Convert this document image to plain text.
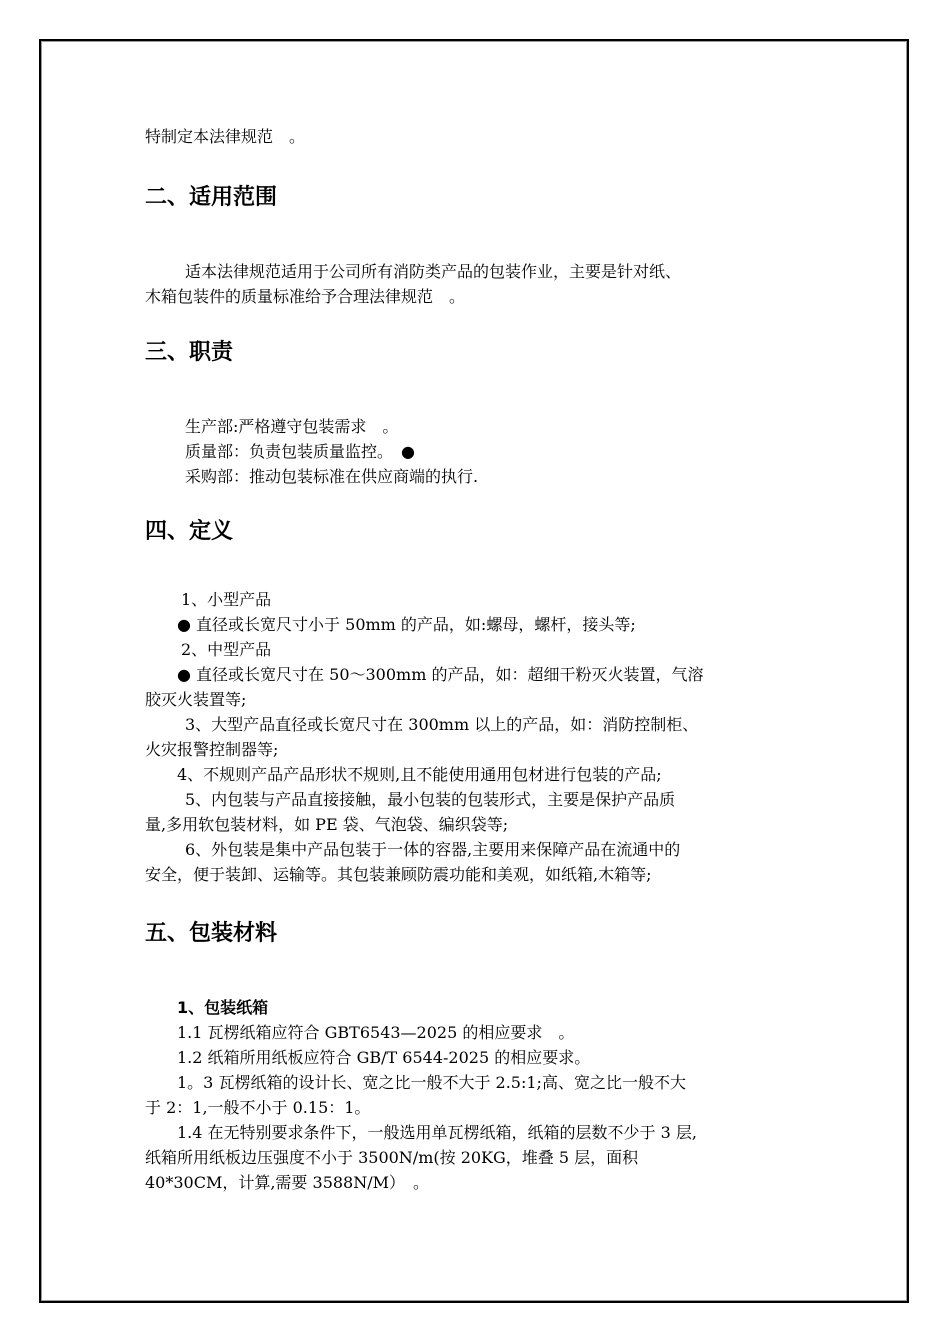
特制定本法律规范　。
二、适用范围
适本法律规范适用于公司所有消防类产品的包装作业，主要是针对纸、
木箱包装件的质量标准给予合理法律规范　。
三、职责
生产部:严格遵守包装需求　。
质量部：负责包装质量监控。　●
采购部：推动包装标准在供应商端的执行.
四、定义
1、小型产品
● 直径或长宽尺寸小于 50mm 的产品，如:螺母，螺杆，接头等;
2、中型产品
● 直径或长宽尺寸在 50～300mm 的产品，如：超细干粉灭火装置，气溶
胶灭火装置等;
3、大型产品直径或长宽尺寸在 300mm 以上的产品，如：消防控制柜、
火灾报警控制器等;
4、不规则产品产品形状不规则,且不能使用通用包材进行包装的产品;
5、内包装与产品直接接触，最小包装的包装形式，主要是保护产品质
量,多用软包装材料，如 PE 袋、气泡袋、编织袋等;
6、外包装是集中产品包装于一体的容器,主要用来保障产品在流通中的
安全，便于装卸、运输等。其包装兼顾防震功能和美观，如纸箱,木箱等;
五、包装材料
1、包装纸箱
1.1 瓦楞纸箱应符合 GBT6543—2025 的相应要求　。
1.2 纸箱所用纸板应符合 GB/T 6544-2025 的相应要求。
1。3 瓦楞纸箱的设计长、宽之比一般不大于 2.5:1;高、宽之比一般不大
于 2：1,一般不小于 0.15：1。
1.4 在无特别要求条件下，一般选用单瓦楞纸箱，纸箱的层数不少于 3 层,
纸箱所用纸板边压强度不小于 3500N/m(按 20KG，堆叠 5 层，面积
40*30CM，计算,需要 3588N/M）　。
